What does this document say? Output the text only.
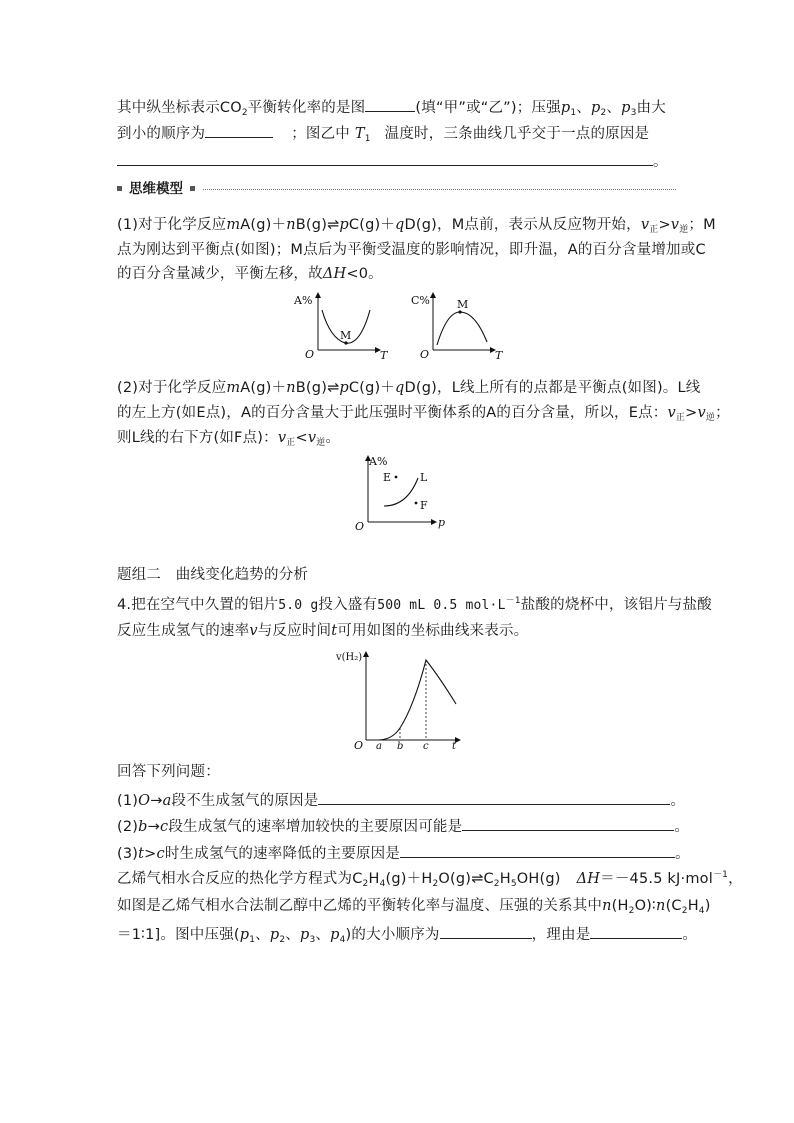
其中纵坐标表示$CO_2$平衡转化率的是图	(填“甲”或“乙”)；压强$p_1$、$p_2$、$p_3$由大
到小的顺序为	；图乙中 $T_1$ 温度时，三条曲线几乎交于一点的原因是
。
思维模型
(1)对于化学反应mA(g)＋nB(g)⇌pC(g)＋qD(g)，M点前，表示从反应物开始，$v_正>v_逆$；M
点为刚达到平衡点(如图)；M点后为平衡受温度的影响情况，即升温，A的百分含量增加或C
的百分含量减少，平衡左移，故ΔH<0。
A%
M
O	T
C% M
O	T
(2)对于化学反应mA(g)＋nB(g)⇌pC(g)＋qD(g)，L线上所有的点都是平衡点(如图)。L线
的左上方(如E点)，A的百分含量大于此压强时平衡体系的A的百分含量，所以，E点：$v_正>v_逆$；
则L线的右下方(如F点)：$v_正<v_逆$。
A%
E	L
F
O	p
题组二　曲线变化趋势的分析
4.把在空气中久置的铝片5.0 g投入盛有500 mL 0.5 $mol\cdot L^{-1}$盐酸的烧杯中，该铝片与盐酸
反应生成氢气的速率v与反应时间t可用如图的坐标曲线来表示。
v(H₂)
O a b c t
回答下列问题：
(1)O→a段不生成氢气的原因是	。
(2)b→c段生成氢气的速率增加较快的主要原因可能是	。
(3)t>c时生成氢气的速率降低的主要原因是	。
乙烯气相水合反应的热化学方程式为$C_2H_4(g)+H_2O(g)\rightleftharpoons C_2H_5OH(g)$ ΔH＝－45.5 kJ·mol$^{-1}$，
如图是乙烯气相水合法制乙醇中乙烯的平衡转化率与温度、压强的关系其中$n(H_2O)∶n(C_2H_4)$
＝1∶1]。图中压强($p_1$、$p_2$、$p_3$、$p_4$)的大小顺序为	，理由是	。
